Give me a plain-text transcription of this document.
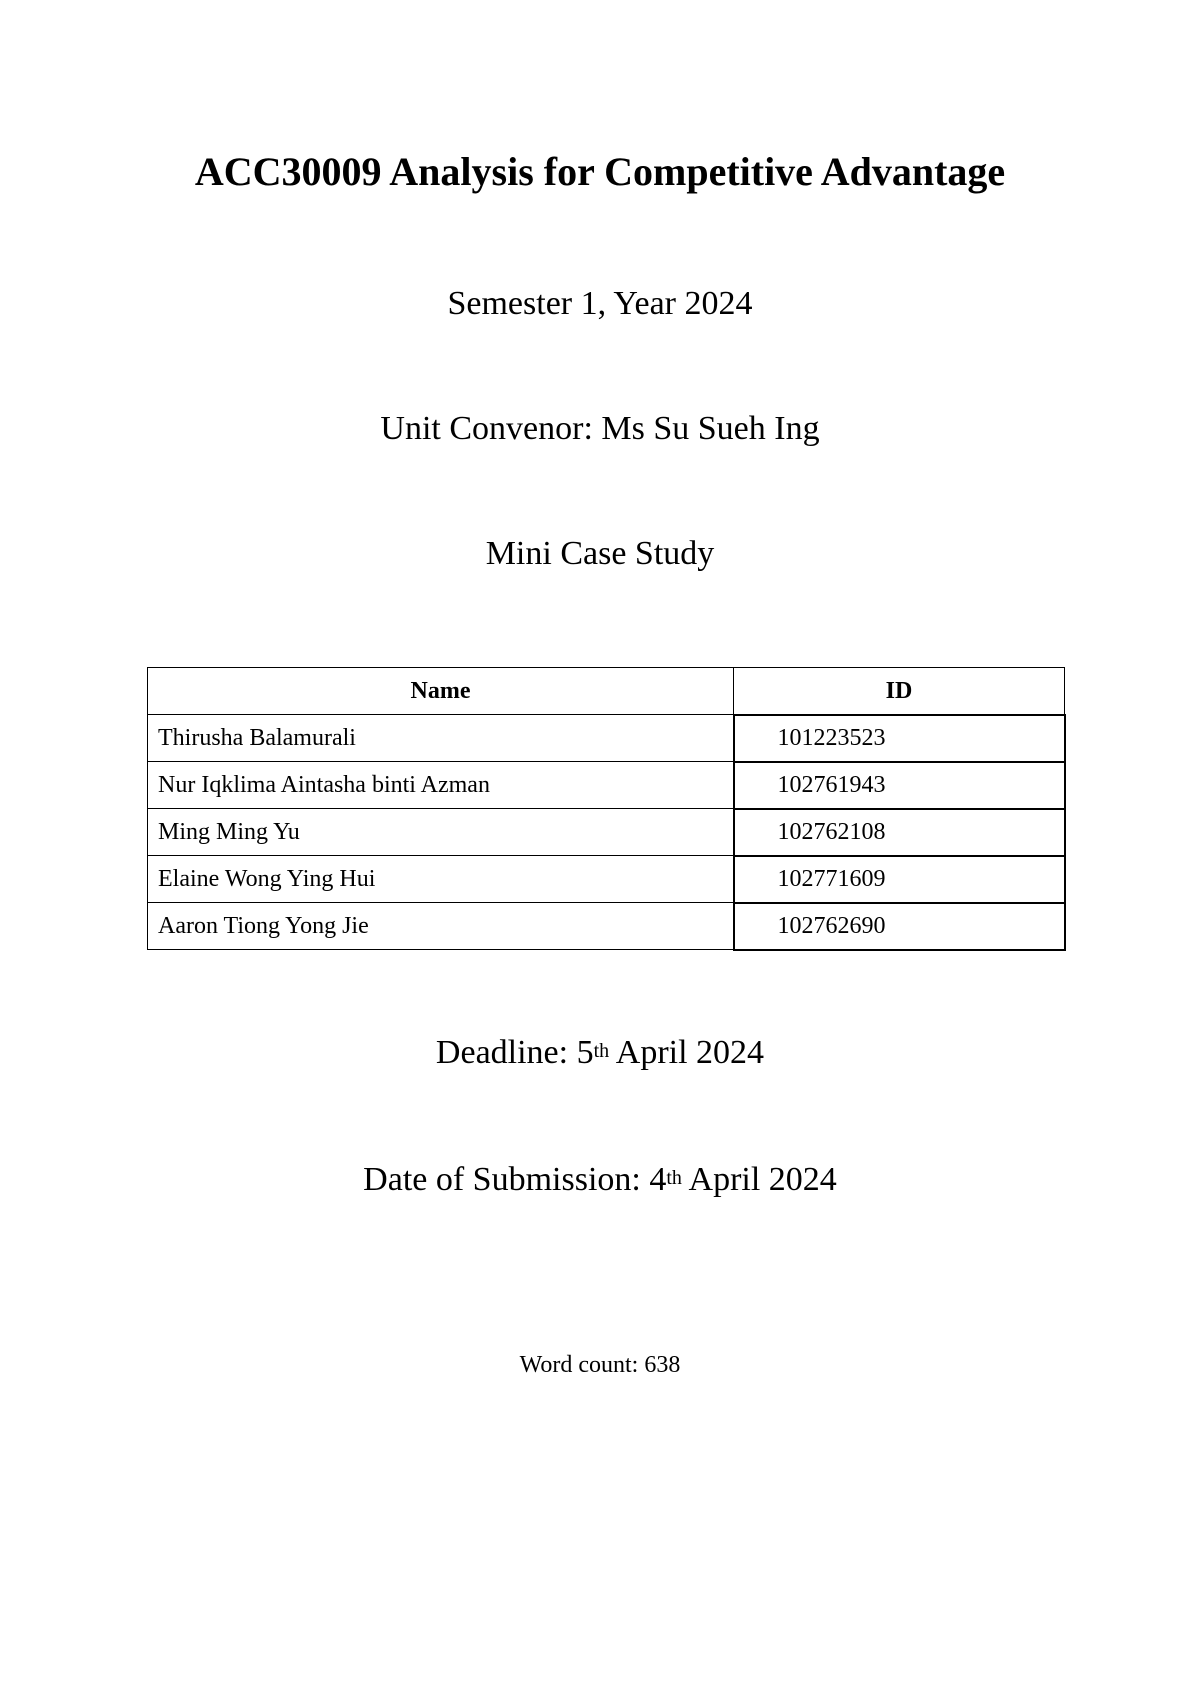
ACC30009 Analysis for Competitive Advantage
Semester 1, Year 2024
Unit Convenor: Ms Su Sueh Ing
Mini Case Study
Name	ID
Thirusha Balamurali	101223523
Nur Iqklima Aintasha binti Azman	102761943
Ming Ming Yu	102762108
Elaine Wong Ying Hui	102771609
Aaron Tiong Yong Jie	102762690
Deadline: 5th April 2024
Date of Submission: 4th April 2024
Word count: 638
